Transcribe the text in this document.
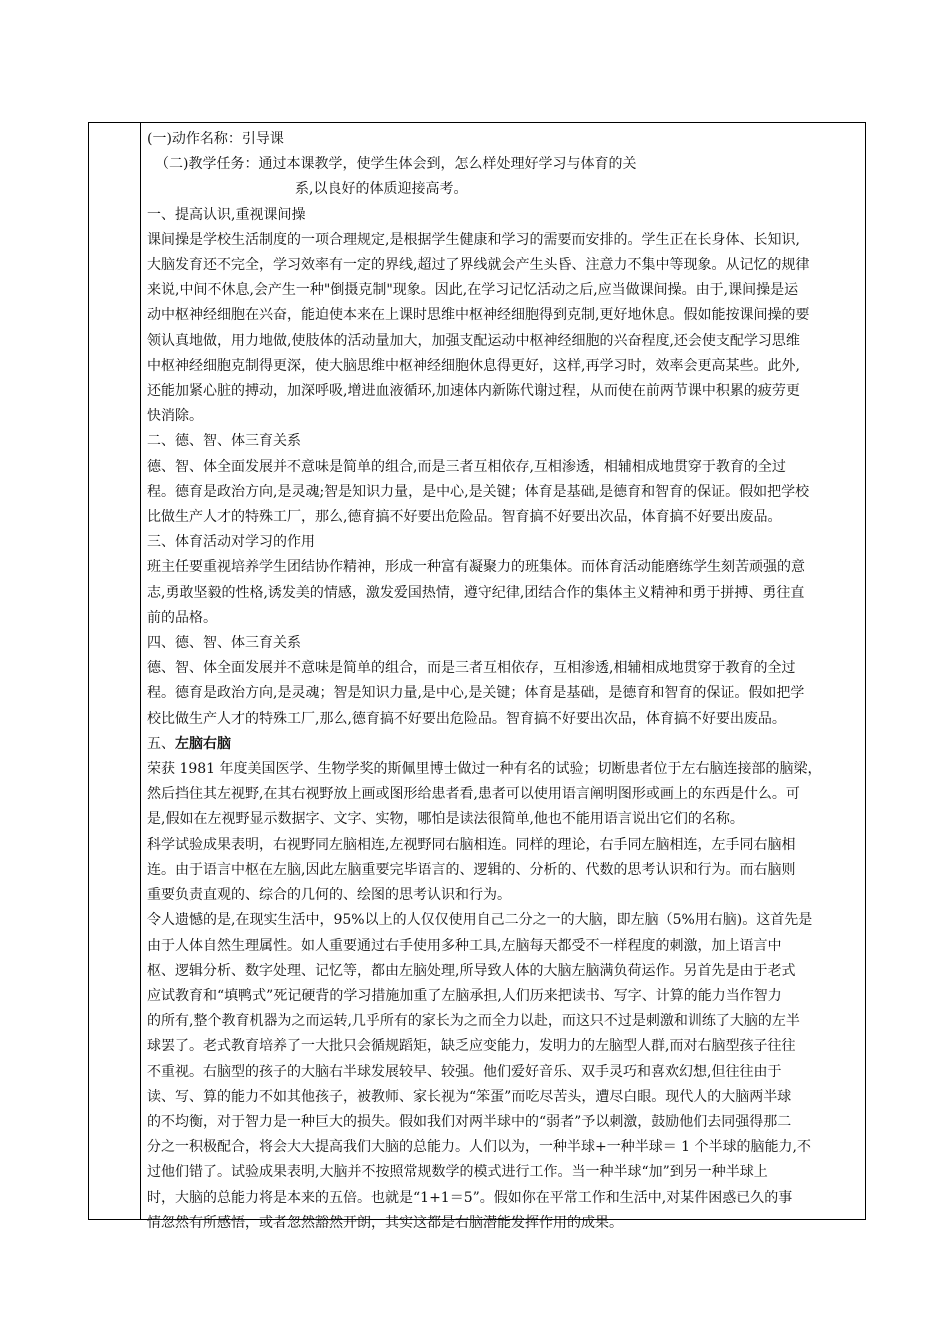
(一)动作名称：引导课

（二)教学任务：通过本课教学，使学生体会到，怎么样处理好学习与体育的关

系,以良好的体质迎接高考。

一、提高认识,重视课间操

课间操是学校生活制度的一项合理规定,是根据学生健康和学习的需要而安排的。学生正在长身体、长知识,

大脑发育还不完全，学习效率有一定的界线,超过了界线就会产生头昏、注意力不集中等现象。从记忆的规律

来说,中间不休息,会产生一种"倒摄克制"现象。因此,在学习记忆活动之后,应当做课间操。由于,课间操是运

动中枢神经细胞在兴奋，能迫使本来在上课时思维中枢神经细胞得到克制,更好地休息。假如能按课间操的要

领认真地做，用力地做,使肢体的活动量加大，加强支配运动中枢神经细胞的兴奋程度,还会使支配学习思维

中枢神经细胞克制得更深，使大脑思维中枢神经细胞休息得更好，这样,再学习时，效率会更高某些。此外,

还能加紧心脏的搏动，加深呼吸,增进血液循环,加速体内新陈代谢过程，从而使在前两节课中积累的疲劳更

快消除。

二、德、智、体三育关系

德、智、体全面发展并不意味是简单的组合,而是三者互相依存,互相渗透，相辅相成地贯穿于教育的全过

程。德育是政治方向,是灵魂;智是知识力量，是中心,是关键；体育是基础,是德育和智育的保证。假如把学校

比做生产人才的特殊工厂，那么,德育搞不好要出危险品。智育搞不好要出次品，体育搞不好要出废品。

三、体育活动对学习的作用

班主任要重视培养学生团结协作精神，形成一种富有凝聚力的班集体。而体育活动能磨练学生刻苦顽强的意

志,勇敢坚毅的性格,诱发美的情感，激发爱国热情，遵守纪律,团结合作的集体主义精神和勇于拼搏、勇往直

前的品格。

四、德、智、体三育关系

德、智、体全面发展并不意味是简单的组合，而是三者互相依存，互相渗透,相辅相成地贯穿于教育的全过

程。德育是政治方向,是灵魂；智是知识力量,是中心,是关键；体育是基础，是德育和智育的保证。假如把学

校比做生产人才的特殊工厂,那么,德育搞不好要出危险品。智育搞不好要出次品，体育搞不好要出废品。

五、左脑右脑

荣获 1981 年度美国医学、生物学奖的斯佩里博士做过一种有名的试验；切断患者位于左右脑连接部的脑梁，

然后挡住其左视野,在其右视野放上画或图形给患者看,患者可以使用语言阐明图形或画上的东西是什么。可

是,假如在左视野显示数据字、文字、实物，哪怕是读法很简单,他也不能用语言说出它们的名称。

科学试验成果表明，右视野同左脑相连,左视野同右脑相连。同样的理论，右手同左脑相连，左手同右脑相

连。由于语言中枢在左脑,因此左脑重要完毕语言的、逻辑的、分析的、代数的思考认识和行为。而右脑则

重要负责直观的、综合的几何的、绘图的思考认识和行为。

令人遗憾的是,在现实生活中，95%以上的人仅仅使用自己二分之一的大脑，即左脑（5%用右脑)。这首先是

由于人体自然生理属性。如人重要通过右手使用多种工具,左脑每天都受不一样程度的刺激，加上语言中

枢、逻辑分析、数字处理、记忆等，都由左脑处理,所导致人体的大脑左脑满负荷运作。另首先是由于老式

应试教育和“填鸭式”死记硬背的学习措施加重了左脑承担,人们历来把读书、写字、计算的能力当作智力

的所有,整个教育机器为之而运转,几乎所有的家长为之而全力以赴，而这只不过是刺激和训练了大脑的左半

球罢了。老式教育培养了一大批只会循规蹈矩，缺乏应变能力，发明力的左脑型人群,而对右脑型孩子往往

不重视。右脑型的孩子的大脑右半球发展较早、较强。他们爱好音乐、双手灵巧和喜欢幻想,但往往由于

读、写、算的能力不如其他孩子，被教师、家长视为“笨蛋”而吃尽苦头，遭尽白眼。现代人的大脑两半球

的不均衡，对于智力是一种巨大的损失。假如我们对两半球中的“弱者”予以刺激，鼓励他们去同强得那二

分之一积极配合，将会大大提高我们大脑的总能力。人们以为，一种半球+一种半球＝ 1 个半球的脑能力,不

过他们错了。试验成果表明,大脑并不按照常规数学的模式进行工作。当一种半球“加”到另一种半球上

时，大脑的总能力将是本来的五倍。也就是“1+1＝5”。假如你在平常工作和生活中,对某件困惑已久的事

情忽然有所感悟，或者忽然豁然开朗，其实这都是右脑潜能发挥作用的成果。
